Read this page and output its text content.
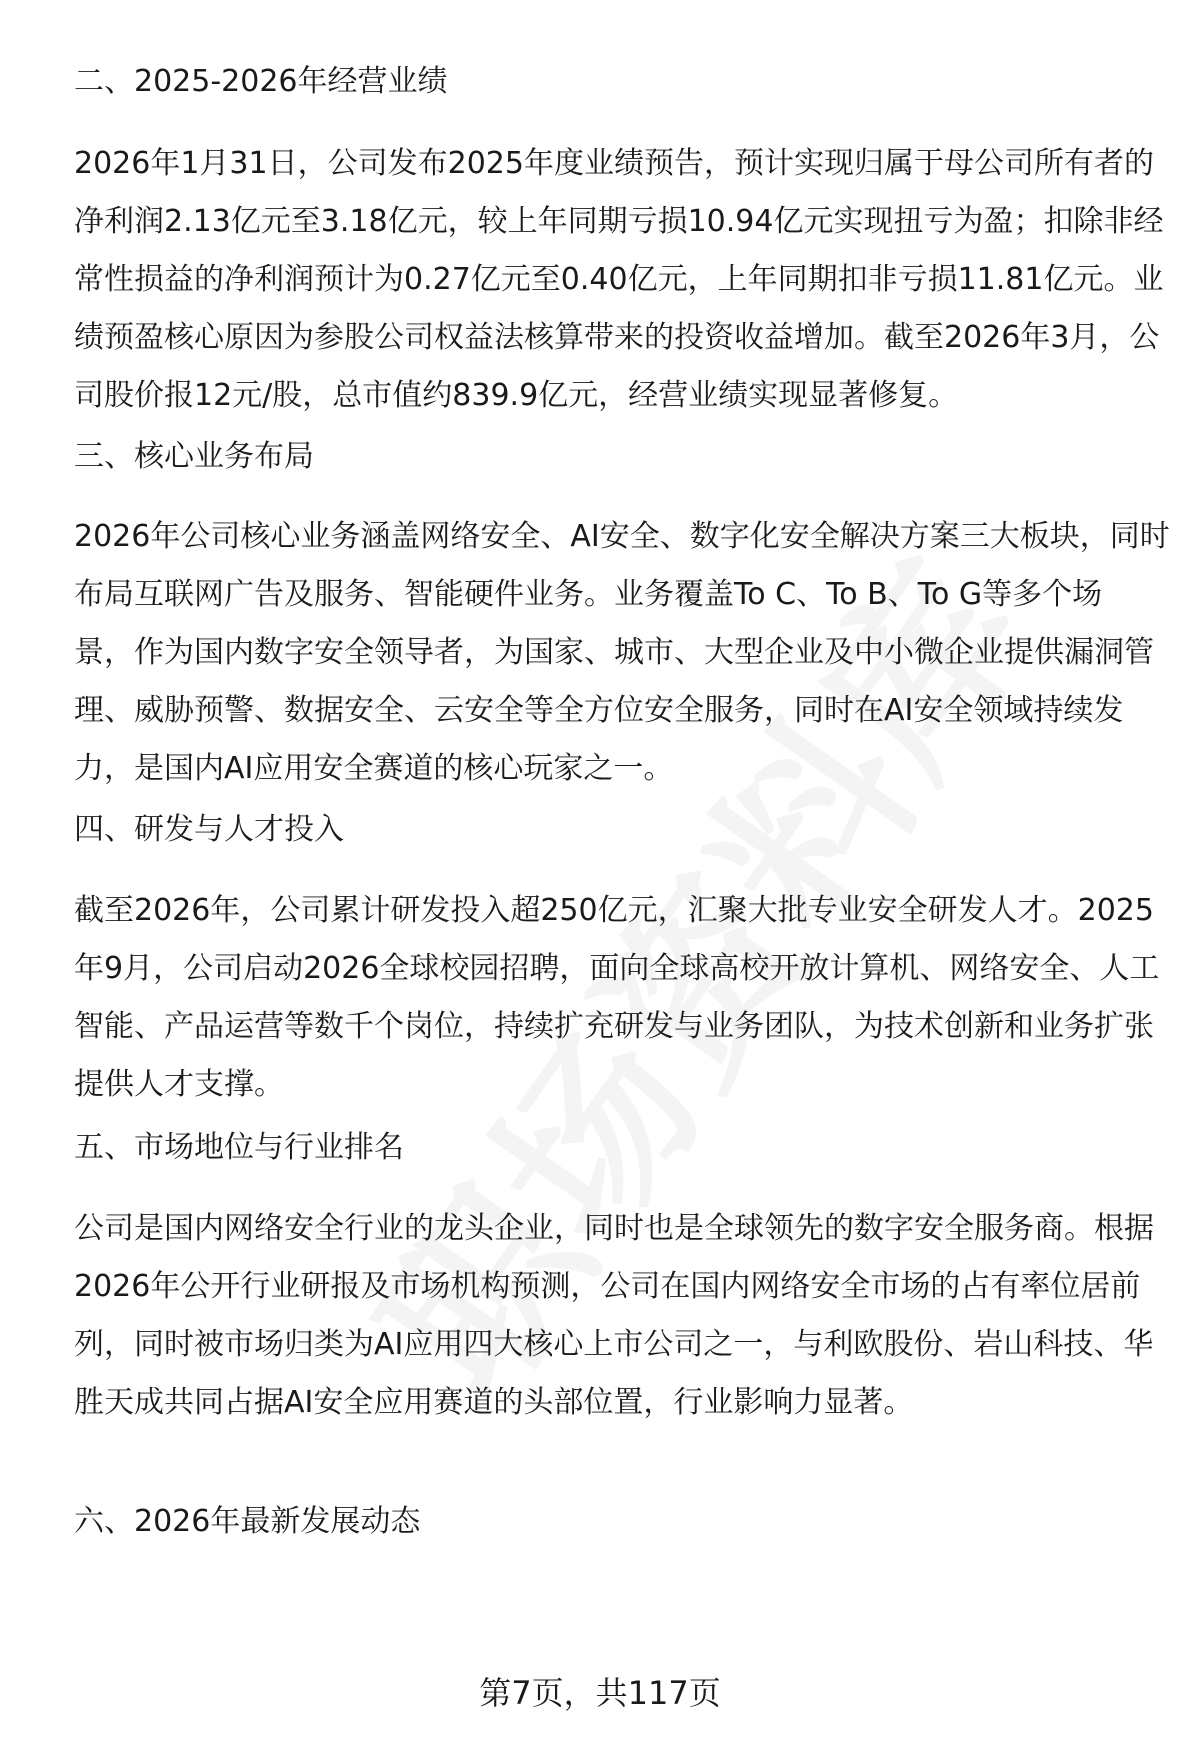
二、2025-2026年经营业绩
2026年1月31日，公司发布2025年度业绩预告，预计实现归属于母公司所有者的
净利润2.13亿元至3.18亿元，较上年同期亏损10.94亿元实现扭亏为盈；扣除非经
常性损益的净利润预计为0.27亿元至0.40亿元，上年同期扣非亏损11.81亿元。业
绩预盈核心原因为参股公司权益法核算带来的投资收益增加。截至2026年3月，公
司股价报12元/股，总市值约839.9亿元，经营业绩实现显著修复。
三、核心业务布局
2026年公司核心业务涵盖网络安全、AI安全、数字化安全解决方案三大板块，同时
布局互联网广告及服务、智能硬件业务。业务覆盖To C、To B、To G等多个场
景，作为国内数字安全领导者，为国家、城市、大型企业及中小微企业提供漏洞管
理、威胁预警、数据安全、云安全等全方位安全服务，同时在AI安全领域持续发
力，是国内AI应用安全赛道的核心玩家之一。
四、研发与人才投入
截至2026年，公司累计研发投入超250亿元，汇聚大批专业安全研发人才。2025
年9月，公司启动2026全球校园招聘，面向全球高校开放计算机、网络安全、人工
智能、产品运营等数千个岗位，持续扩充研发与业务团队，为技术创新和业务扩张
提供人才支撑。
五、市场地位与行业排名
公司是国内网络安全行业的龙头企业，同时也是全球领先的数字安全服务商。根据
2026年公开行业研报及市场机构预测，公司在国内网络安全市场的占有率位居前
列，同时被市场归类为AI应用四大核心上市公司之一，与利欧股份、岩山科技、华
胜天成共同占据AI安全应用赛道的头部位置，行业影响力显著。
六、2026年最新发展动态
第7页，共117页
